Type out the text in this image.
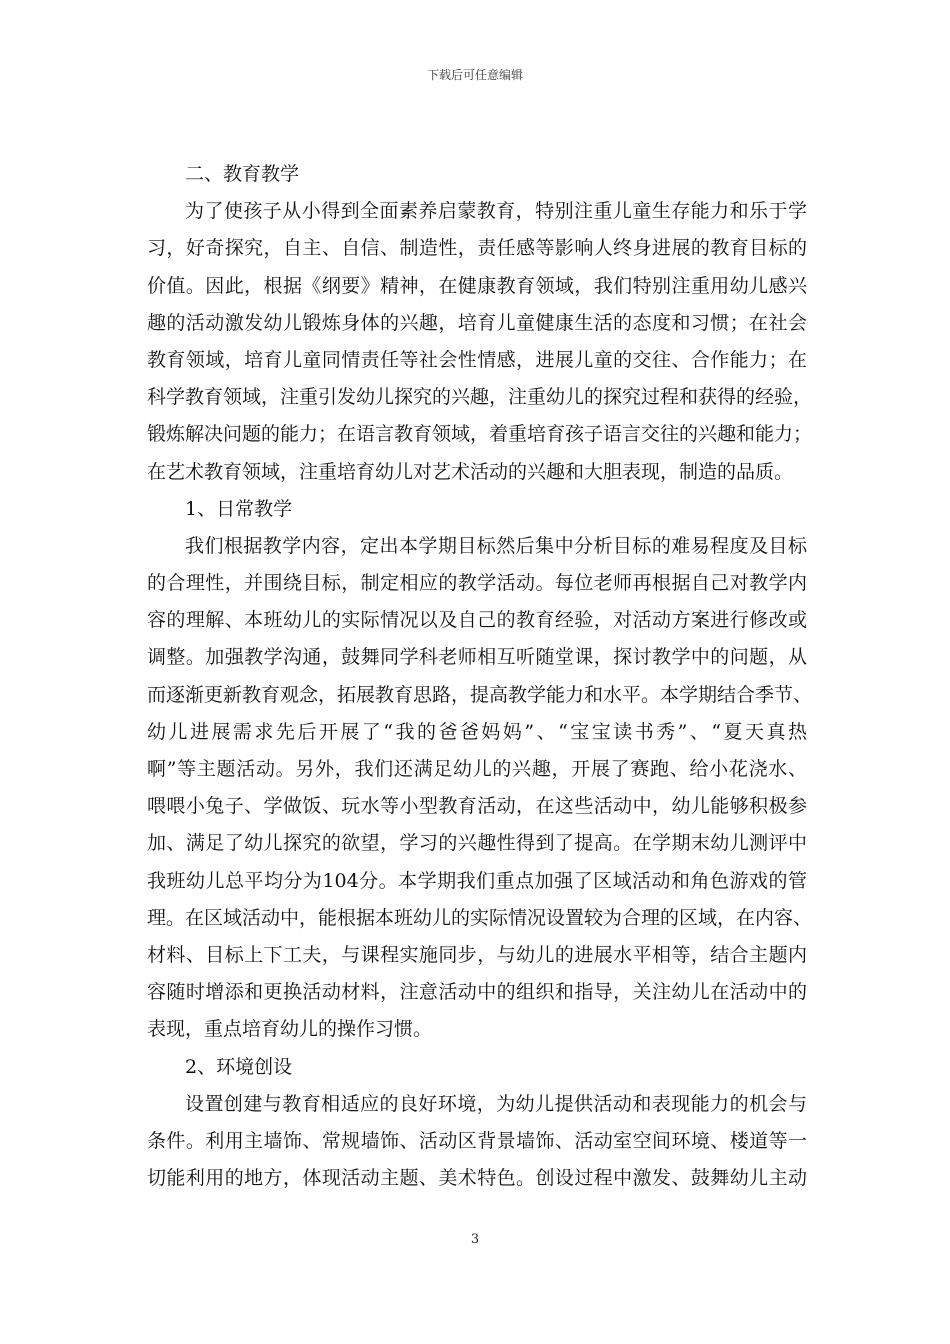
下载后可任意编辑
二、教育教学
为了使孩子从小得到全面素养启蒙教育，特别注重儿童生存能力和乐于学
习，好奇探究，自主、自信、制造性，责任感等影响人终身进展的教育目标的
价值。因此，根据《纲要》精神，在健康教育领域，我们特别注重用幼儿感兴
趣的活动激发幼儿锻炼身体的兴趣，培育儿童健康生活的态度和习惯；在社会
教育领域，培育儿童同情责任等社会性情感，进展儿童的交往、合作能力；在
科学教育领域，注重引发幼儿探究的兴趣，注重幼儿的探究过程和获得的经验，
锻炼解决问题的能力；在语言教育领域，着重培育孩子语言交往的兴趣和能力；
在艺术教育领域，注重培育幼儿对艺术活动的兴趣和大胆表现，制造的品质。
1、日常教学
我们根据教学内容，定出本学期目标然后集中分析目标的难易程度及目标
的合理性，并围绕目标，制定相应的教学活动。每位老师再根据自己对教学内
容的理解、本班幼儿的实际情况以及自己的教育经验，对活动方案进行修改或
调整。加强教学沟通，鼓舞同学科老师相互听随堂课，探讨教学中的问题，从
而逐渐更新教育观念，拓展教育思路，提高教学能力和水平。本学期结合季节、
幼儿进展需求先后开展了“我的爸爸妈妈”、“宝宝读书秀”、“夏天真热
啊”等主题活动。另外，我们还满足幼儿的兴趣，开展了赛跑、给小花浇水、
喂喂小兔子、学做饭、玩水等小型教育活动，在这些活动中，幼儿能够积极参
加、满足了幼儿探究的欲望，学习的兴趣性得到了提高。在学期末幼儿测评中
我班幼儿总平均分为104分。本学期我们重点加强了区域活动和角色游戏的管
理。在区域活动中，能根据本班幼儿的实际情况设置较为合理的区域，在内容、
材料、目标上下工夫，与课程实施同步，与幼儿的进展水平相等，结合主题内
容随时增添和更换活动材料，注意活动中的组织和指导，关注幼儿在活动中的
表现，重点培育幼儿的操作习惯。
2、环境创设
设置创建与教育相适应的良好环境，为幼儿提供活动和表现能力的机会与
条件。利用主墙饰、常规墙饰、活动区背景墙饰、活动室空间环境、楼道等一
切能利用的地方，体现活动主题、美术特色。创设过程中激发、鼓舞幼儿主动
3
